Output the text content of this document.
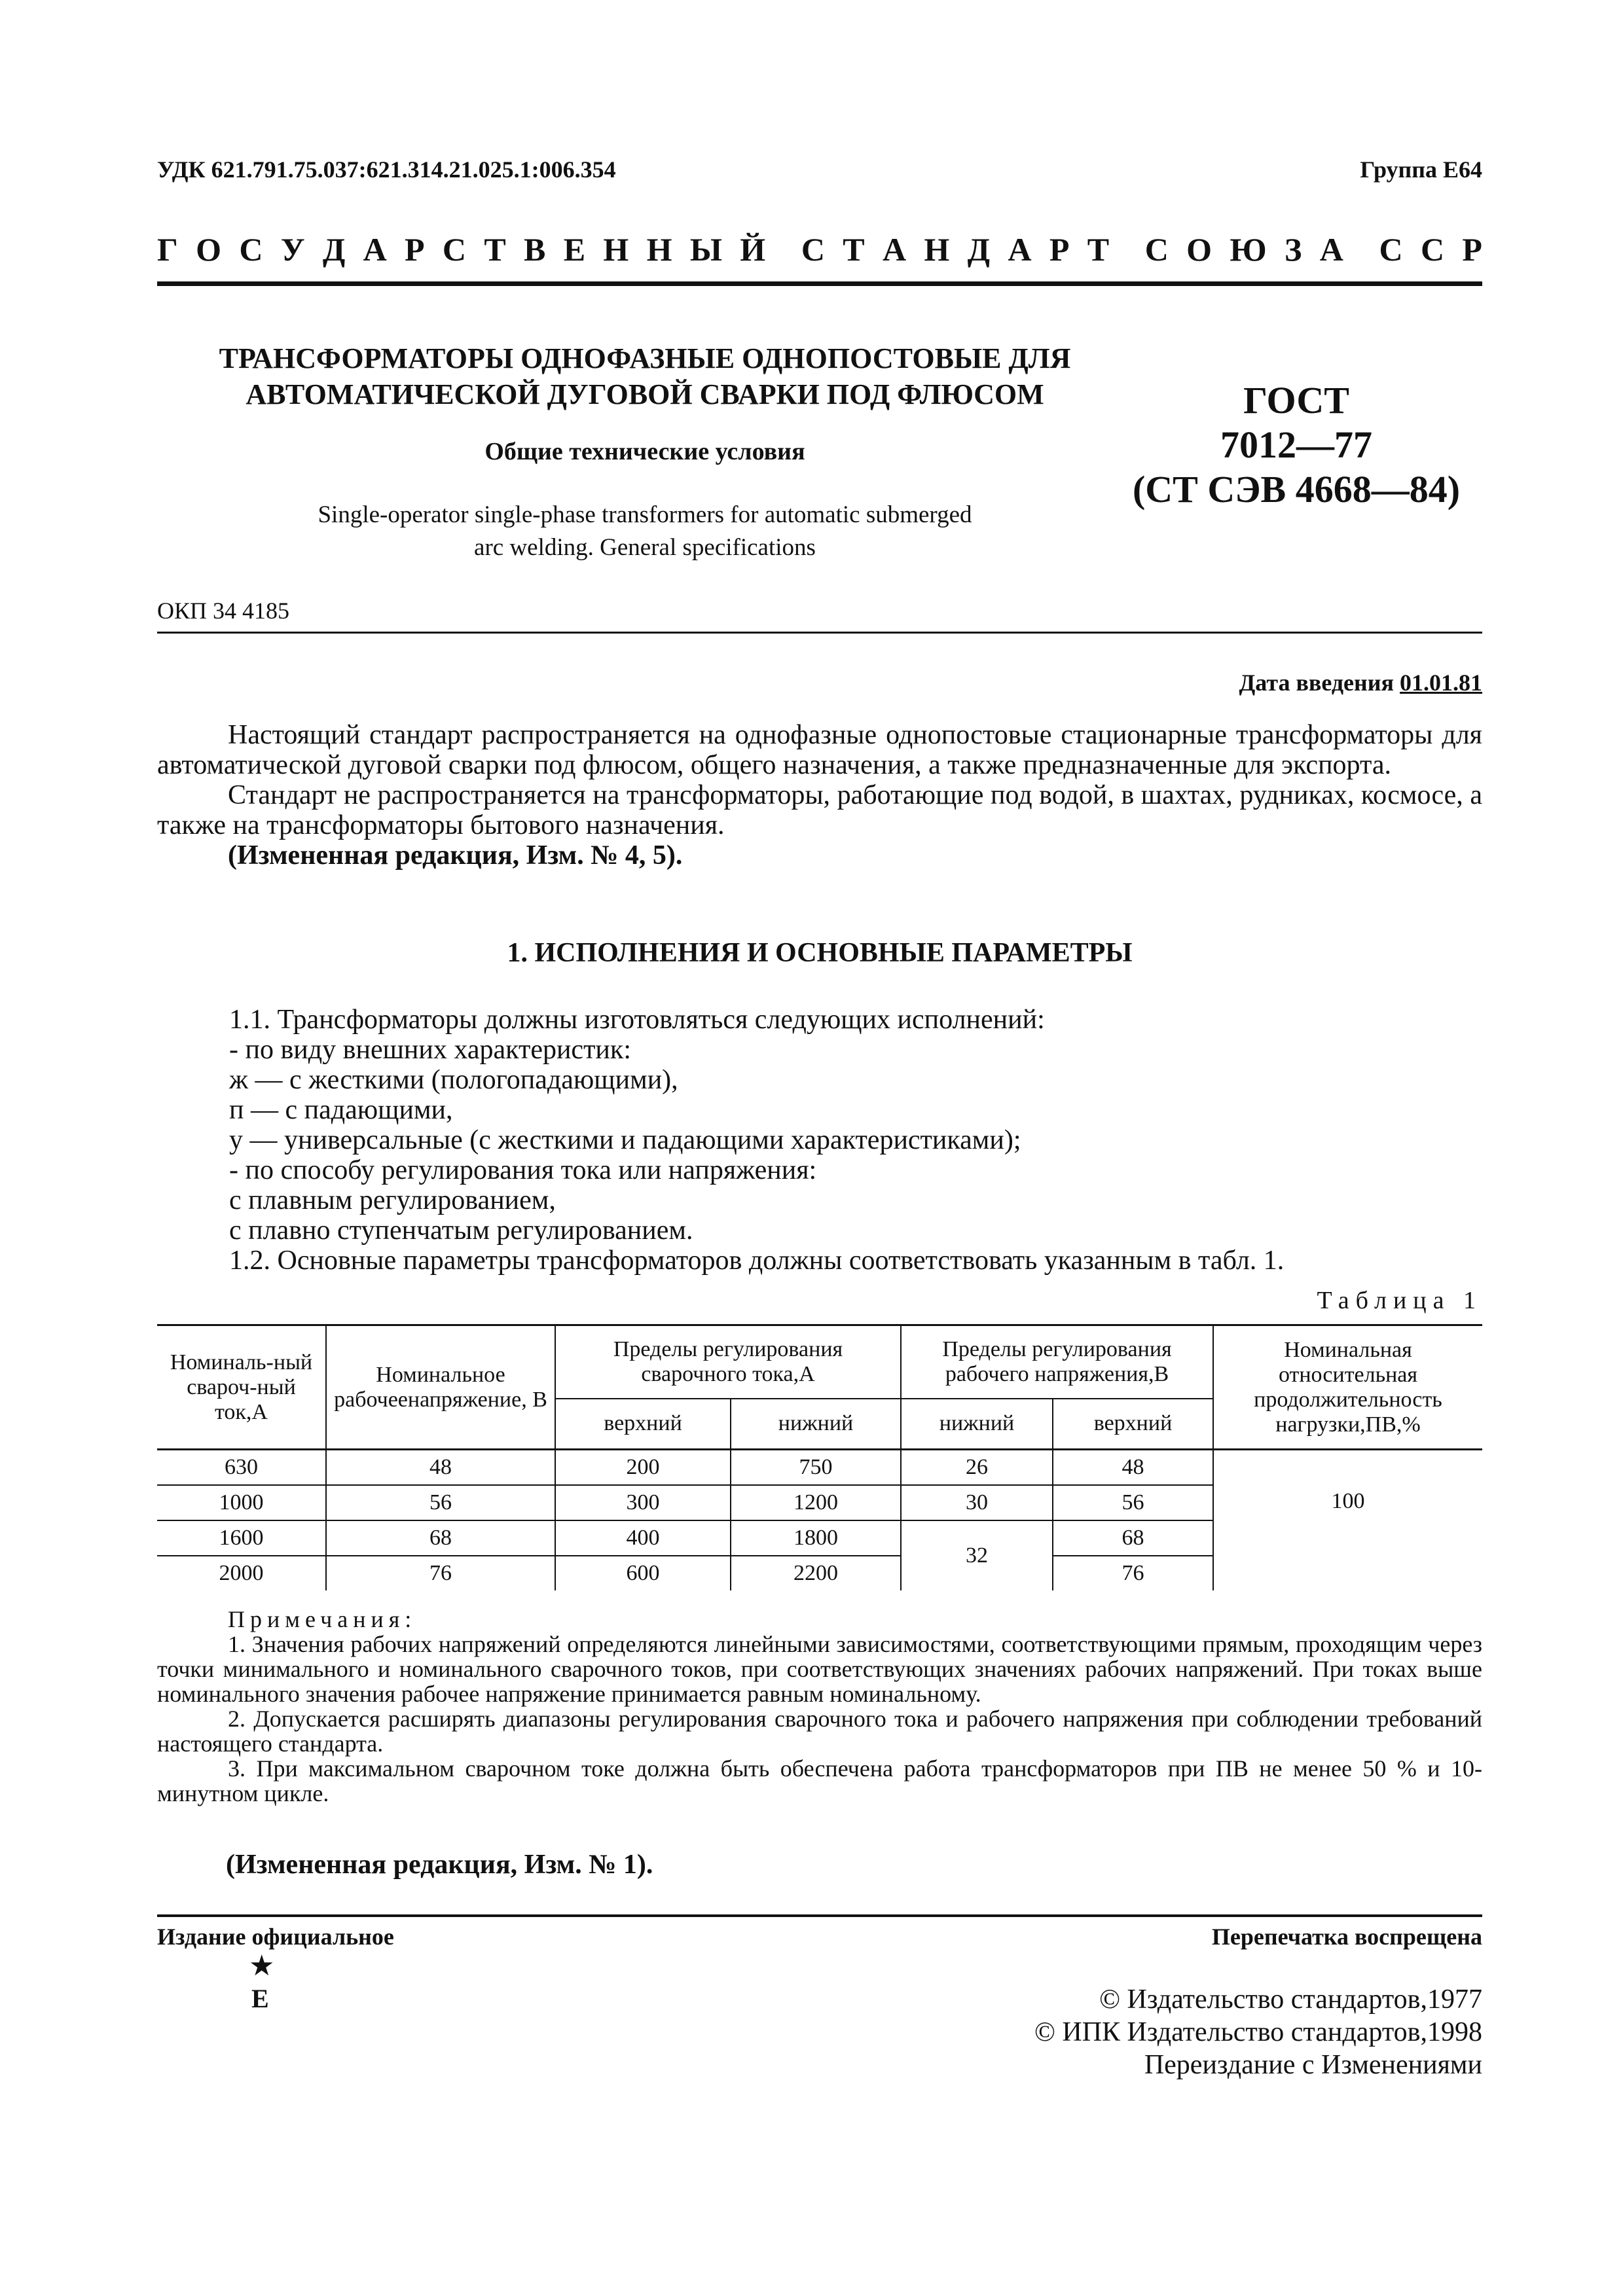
УДК 621.791.75.037:621.314.21.025.1:006.354	Группа Е64
Г О С У Д А Р С Т В Е Н Н Ы Й С Т А Н Д А Р Т С О Ю З А С С Р
ТРАНСФОРМАТОРЫ ОДНОФАЗНЫЕ ОДНОПОСТОВЫЕ ДЛЯ
АВТОМАТИЧЕСКОЙ ДУГОВОЙ СВАРКИ ПОД ФЛЮСОМ
Общие технические условия
Single-operator single-phase transformers for automatic submerged
arc welding. General specifications
ГОСТ
7012—77
(СТ СЭВ 4668—84)
ОКП 34 4185
Дата введения 01.01.81

Настоящий стандарт распространяется на однофазные однопостовые стационарные трансформаторы для автоматической дуговой сварки под флюсом, общего назначения, а также предназначенные для экспорта.

Стандарт не распространяется на трансформаторы, работающие под водой, в шахтах, рудниках, космосе, а также на трансформаторы бытового назначения.

(Измененная редакция, Изм. № 4, 5).

1. ИСПОЛНЕНИЯ И ОСНОВНЫЕ ПАРАМЕТРЫ
1.1. Трансформаторы должны изготовляться следующих исполнений:
- по виду внешних характеристик:
ж — с жесткими (пологопадающими),
п — с падающими,
у — универсальные (с жесткими и падающими характеристиками);
- по способу регулирования тока или напряжения:
с плавным регулированием,
с плавно ступенчатым регулированием.
1.2. Основные параметры трансформаторов должны соответствовать указанным в табл. 1.
Таблица 1
Номиналь-ный свароч-ный ток,А	Номинальное рабочеенапряжение, В	Пределы регулирования сварочного тока,А		Пределы регулирования рабочего напряжения,В		Номинальная относительная продолжительность нагрузки,ПВ,%
		верхний	нижний	нижний	верхний	
630	48	200	750	26	48	100
1000	56	300	1200	30	56	
1600	68	400	1800	32	68	
2000	76	600	2200		76	

Примечания:

1. Значения рабочих напряжений определяются линейными зависимостями, соответствующими прямым, проходящим через точки минимального и номинального сварочного токов, при соответствующих значениях рабочих напряжений. При токах выше номинального значения рабочее напряжение принимается равным номинальному.

2. Допускается расширять диапазоны регулирования сварочного тока и рабочего напряжения при соблюдении требований настоящего стандарта.

3. При максимальном сварочном токе должна быть обеспечена работа трансформаторов при ПВ не менее 50 % и 10-минутном цикле.

(Измененная редакция, Изм. № 1).
Издание официальное	Перепечатка воспрещена
★
E	© Издательство стандартов,1977
© ИПК Издательство стандартов,1998
Переиздание с Изменениями
